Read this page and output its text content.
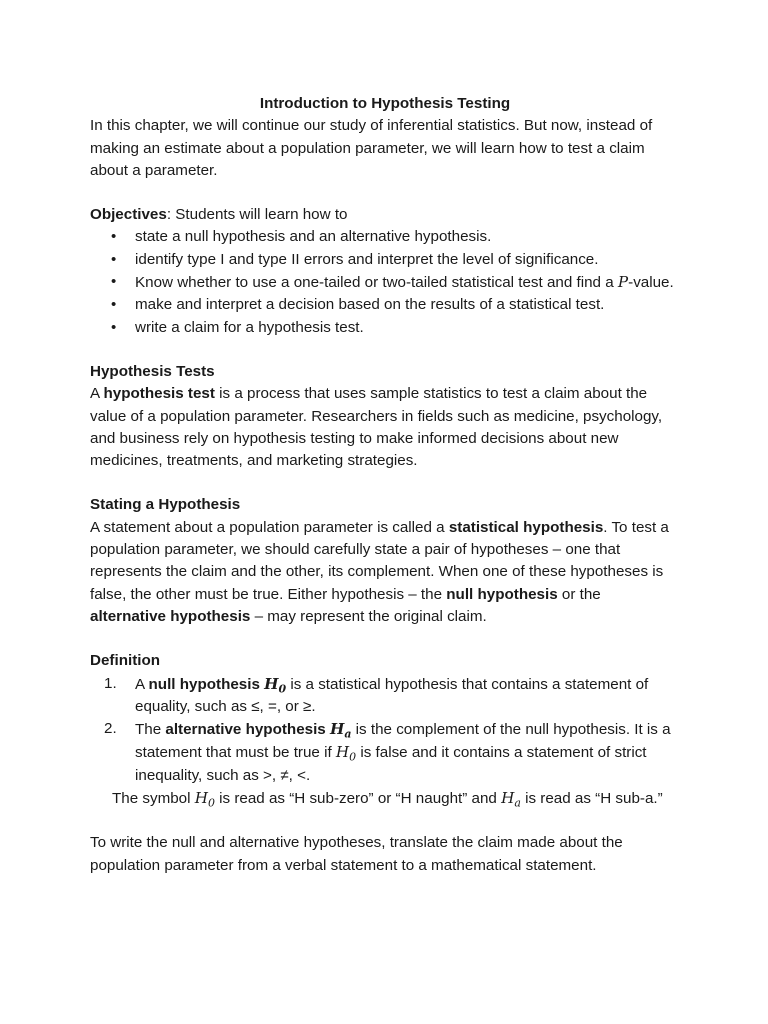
Introduction to Hypothesis Testing

In this chapter, we will continue our study of inferential statistics. But now, instead of making an estimate about a population parameter, we will learn how to test a claim about a parameter.

Objectives: Students will learn how to

• state a null hypothesis and an alternative hypothesis.
• identify type I and type II errors and interpret the level of significance.
• Know whether to use a one-tailed or two-tailed statistical test and find a P-value.
• make and interpret a decision based on the results of a statistical test.
• write a claim for a hypothesis test.

Hypothesis Tests

A hypothesis test is a process that uses sample statistics to test a claim about the value of a population parameter. Researchers in fields such as medicine, psychology, and business rely on hypothesis testing to make informed decisions about new medicines, treatments, and marketing strategies.

Stating a Hypothesis

A statement about a population parameter is called a statistical hypothesis. To test a population parameter, we should carefully state a pair of hypotheses – one that represents the claim and the other, its complement. When one of these hypotheses is false, the other must be true. Either hypothesis – the null hypothesis or the alternative hypothesis – may represent the original claim.

Definition

1. A null hypothesis $H_0$ is a statistical hypothesis that contains a statement of equality, such as ≤, =, or ≥.
2. The alternative hypothesis $H_a$ is the complement of the null hypothesis. It is a statement that must be true if $H_0$ is false and it contains a statement of strict inequality, such as >, ≠, <.

The symbol $H_0$ is read as “H sub-zero” or “H naught” and $H_a$ is read as “H sub-a.”

To write the null and alternative hypotheses, translate the claim made about the population parameter from a verbal statement to a mathematical statement.
